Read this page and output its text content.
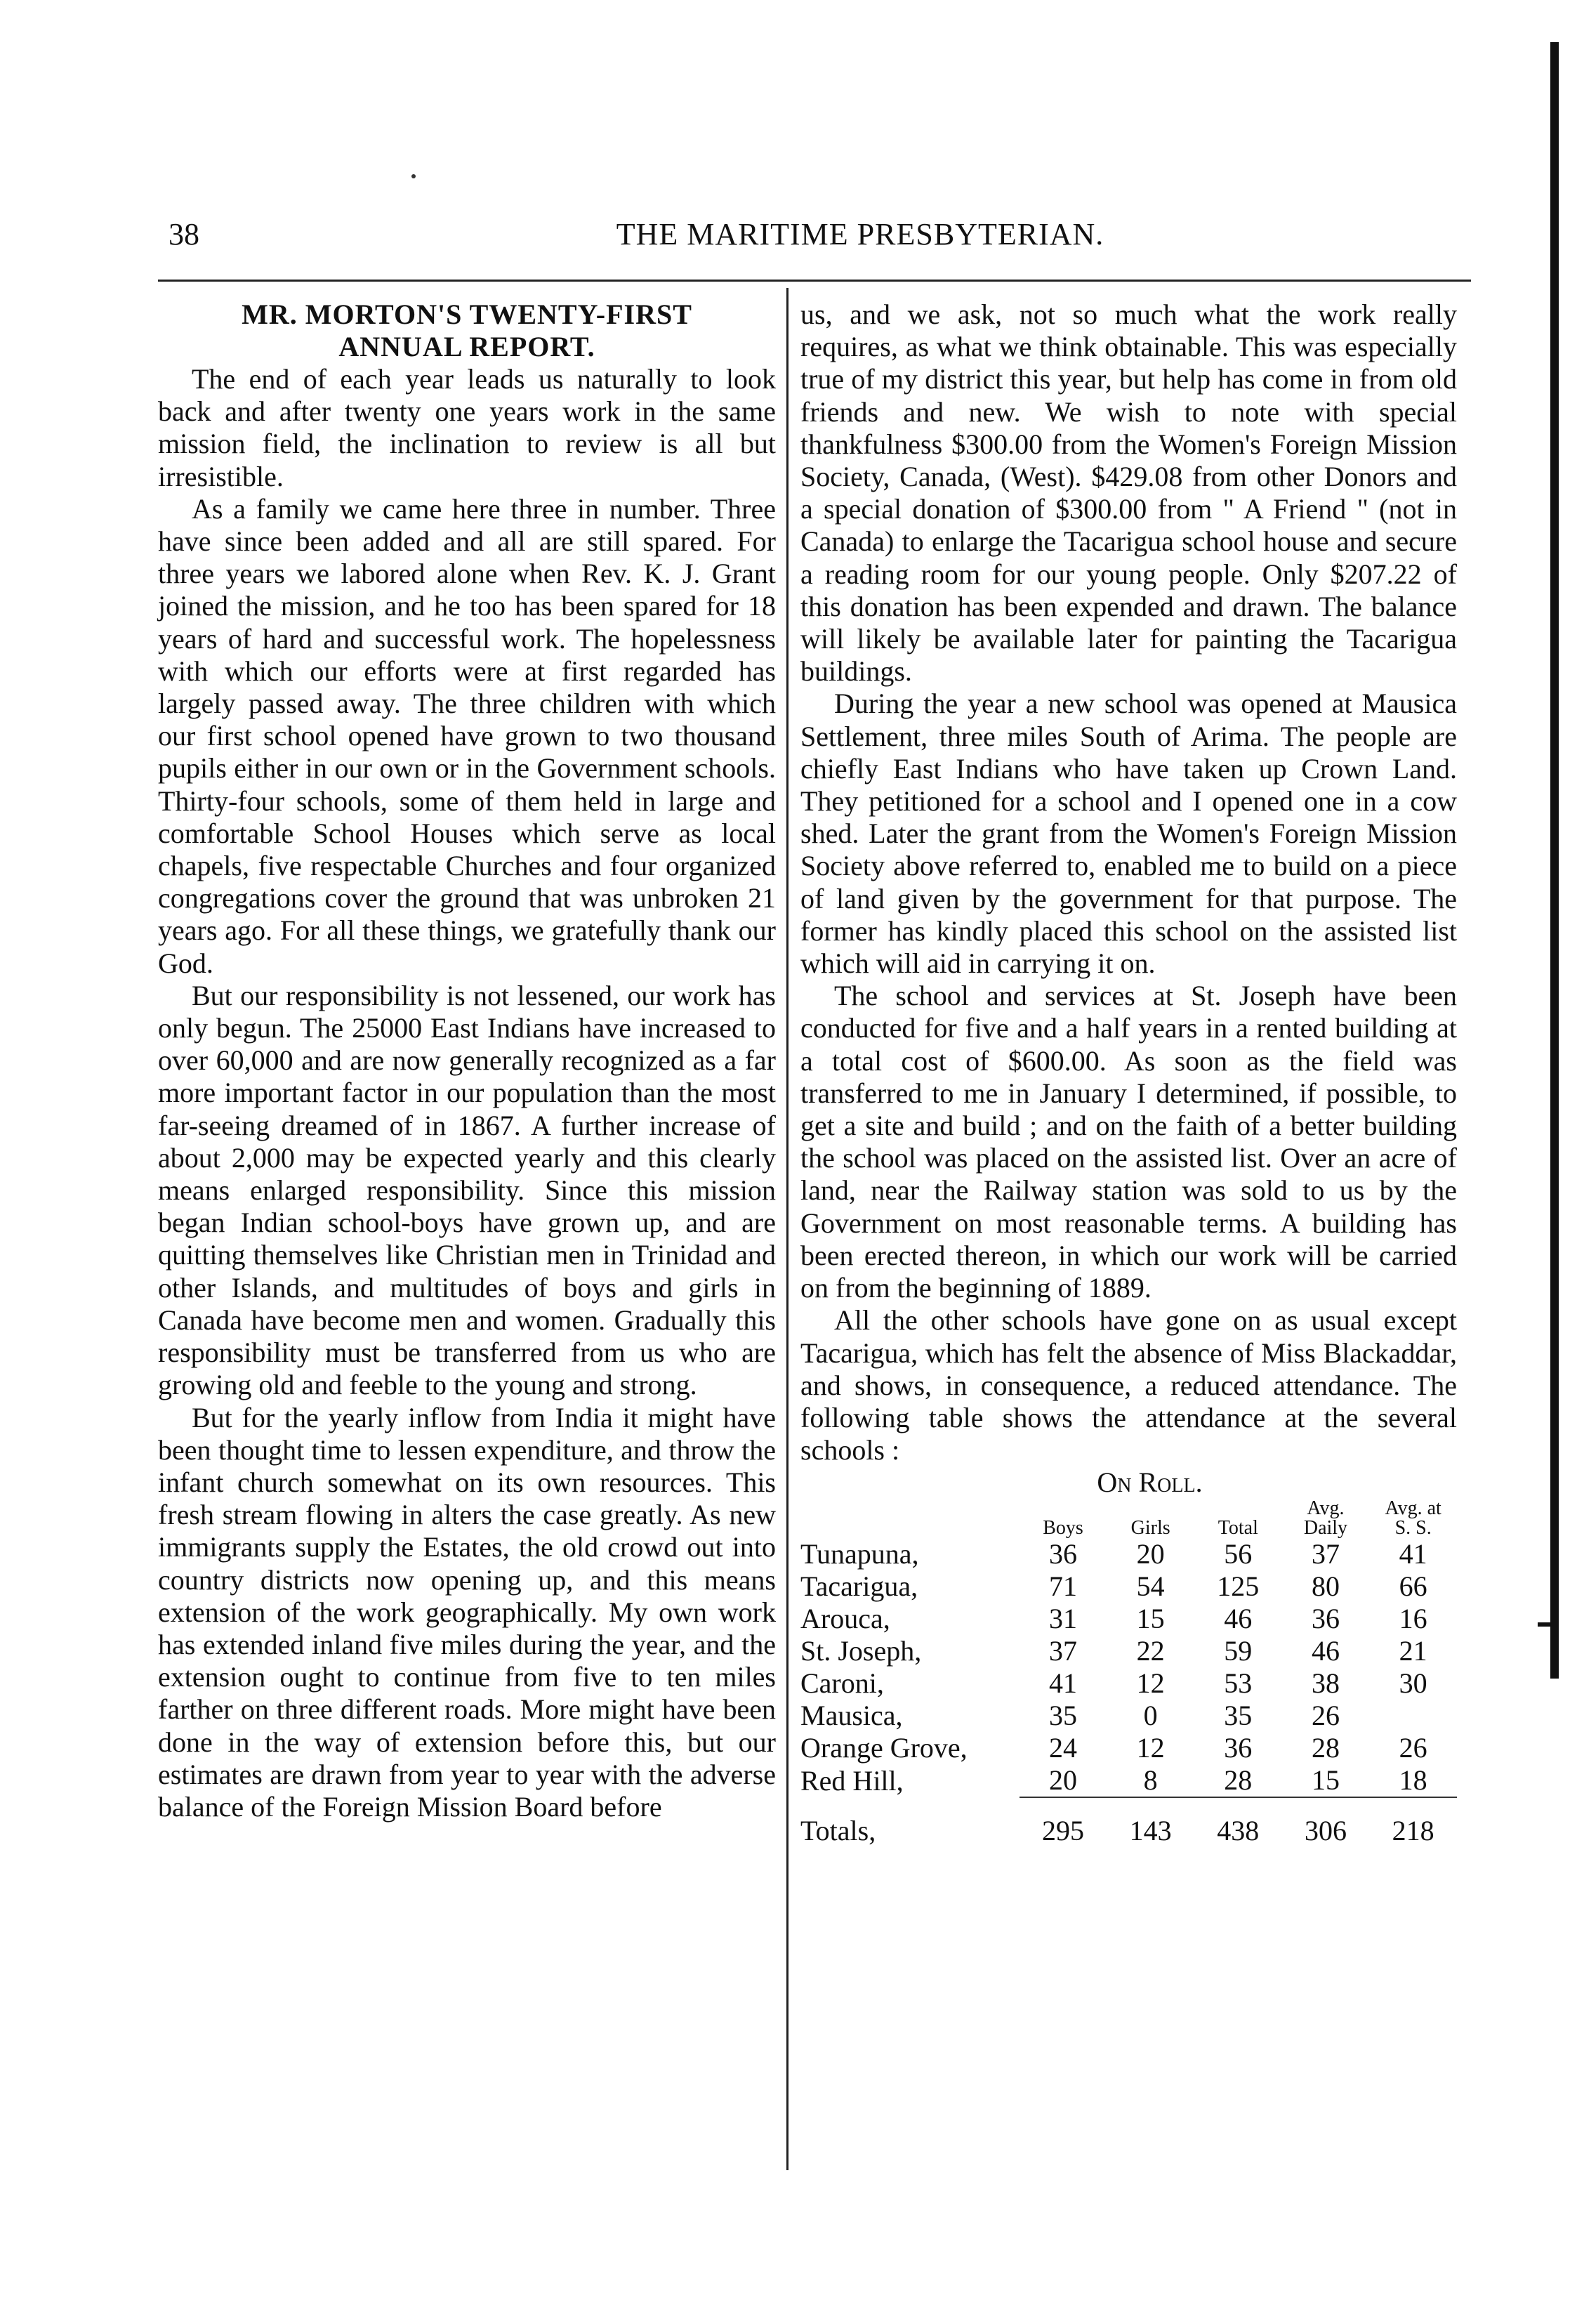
38	THE MARITIME PRESBYTERIAN.
MR. MORTON'S TWENTY-FIRST
ANNUAL REPORT.

The end of each year leads us naturally to look back and after twenty one years work in the same mission field, the inclination to review is all but irresistible.

As a family we came here three in number. Three have since been added and all are still spared. For three years we labored alone when Rev. K. J. Grant joined the mission, and he too has been spared for 18 years of hard and successful work. The hopelessness with which our efforts were at first regarded has largely passed away. The three children with which our first school opened have grown to two thousand pupils either in our own or in the Government schools. Thirty-four schools, some of them held in large and comfortable School Houses which serve as local chapels, five respectable Churches and four organized congregations cover the ground that was unbroken 21 years ago. For all these things, we gratefully thank our God.

But our responsibility is not lessened, our work has only begun. The 25000 East Indians have increased to over 60,000 and are now generally recognized as a far more important factor in our population than the most far-seeing dreamed of in 1867. A further increase of about 2,000 may be expected yearly and this clearly means enlarged responsibility. Since this mission began Indian school-boys have grown up, and are quitting themselves like Christian men in Trinidad and other Islands, and multitudes of boys and girls in Canada have become men and women. Gradually this responsibility must be transferred from us who are growing old and feeble to the young and strong.

But for the yearly inflow from India it might have been thought time to lessen expenditure, and throw the infant church somewhat on its own resources. This fresh stream flowing in alters the case greatly. As new immigrants supply the Estates, the old crowd out into country districts now opening up, and this means extension of the work geographically. My own work has extended inland five miles during the year, and the extension ought to continue from five to ten miles farther on three different roads. More might have been done in the way of extension before this, but our estimates are drawn from year to year with the adverse balance of the Foreign Mission Board before

us, and we ask, not so much what the work really requires, as what we think obtainable. This was especially true of my district this year, but help has come in from old friends and new. We wish to note with special thankfulness $300.00 from the Women's Foreign Mission Society, Canada, (West). $429.08 from other Donors and a special donation of $300.00 from " A Friend " (not in Canada) to enlarge the Tacarigua school house and secure a reading room for our young people. Only $207.22 of this donation has been expended and drawn. The balance will likely be available later for painting the Tacarigua buildings.

During the year a new school was opened at Mausica Settlement, three miles South of Arima. The people are chiefly East Indians who have taken up Crown Land. They petitioned for a school and I opened one in a cow shed. Later the grant from the Women's Foreign Mission Society above referred to, enabled me to build on a piece of land given by the government for that purpose. The former has kindly placed this school on the assisted list which will aid in carrying it on.

The school and services at St. Joseph have been conducted for five and a half years in a rented building at a total cost of $600.00. As soon as the field was transferred to me in January I determined, if possible, to get a site and build ; and on the faith of a better building the school was placed on the assisted list. Over an acre of land, near the Railway station was sold to us by the Government on most reasonable terms. A building has been erected thereon, in which our work will be carried on from the beginning of 1889.

All the other schools have gone on as usual except Tacarigua, which has felt the absence of Miss Blackaddar, and shows, in consequence, a reduced attendance. The following table shows the attendance at the several schools :

On Roll.
				Avg.	Avg. at
	Boys	Girls	Total	Daily	S. S.
Tunapuna,	36	20	56	37	41
Tacarigua,	71	54	125	80	66
Arouca,	31	15	46	36	16
St. Joseph,	37	22	59	46	21
Caroni,	41	12	53	38	30
Mausica,	35	0	35	26	
Orange Grove,	24	12	36	28	26
Red Hill,	20	8	28	15	18

Totals,	295	143	438	306	218
